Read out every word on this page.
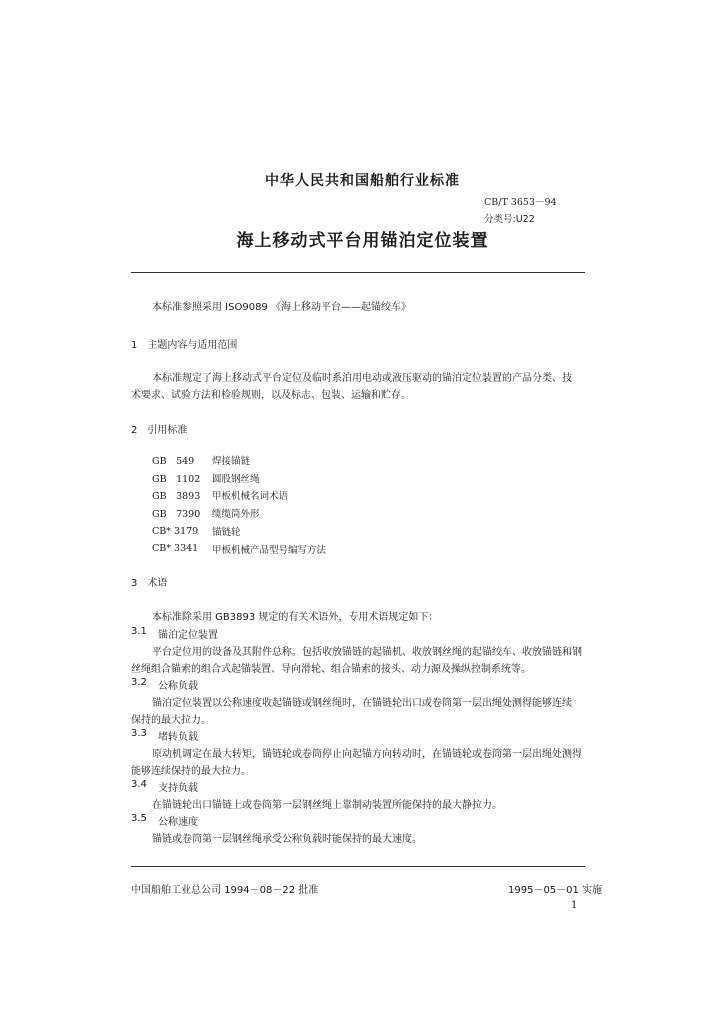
中华人民共和国船舶行业标准
CB/T 3653－94
分类号:U22
海上移动式平台用锚泊定位装置
本标准参照采用 ISO9089 《海上移动平台——起锚绞车》
1　主题内容与适用范围
本标准规定了海上移动式平台定位及临时系泊用电动或液压驱动的锚泊定位装置的产品分类、技
术要求、试验方法和检验规则，以及标志、包装、运输和贮存。
2　引用标准
GB　549	焊接锚链
GB　1102	圆股钢丝绳
GB　3893	甲板机械名词术语
GB　7390	缆缆筒外形
CB* 3179	锚链轮
CB* 3341	甲板机械产品型号编写方法
3　术语
本标准除采用 GB3893 规定的有关术语外，专用术语规定如下：
3.1 锚泊定位装置
平台定位用的设备及其附件总称。包括收放锚链的起锚机、收放钢丝绳的起锚绞车、收放锚链和钢
丝绳组合锚索的组合式起锚装置、导向滑轮、组合锚索的接头、动力源及操纵控制系统等。
3.2 公称负载
锚泊定位装置以公称速度收起锚链或钢丝绳时，在锚链轮出口或卷筒第一层出绳处测得能够连续
保持的最大拉力。
3.3 堵转负载
原动机调定在最大转矩，锚链轮或卷筒停止向起锚方向转动时，在锚链轮或卷筒第一层出绳处测得
能够连续保持的最大拉力。
3.4 支持负载
在锚链轮出口锚链上或卷筒第一层钢丝绳上靠制动装置所能保持的最大静拉力。
3.5 公称速度
锚链或卷筒第一层钢丝绳承受公称负载时能保持的最大速度。
中国船舶工业总公司 1994－08－22 批准	1995－05－01 实施
1
